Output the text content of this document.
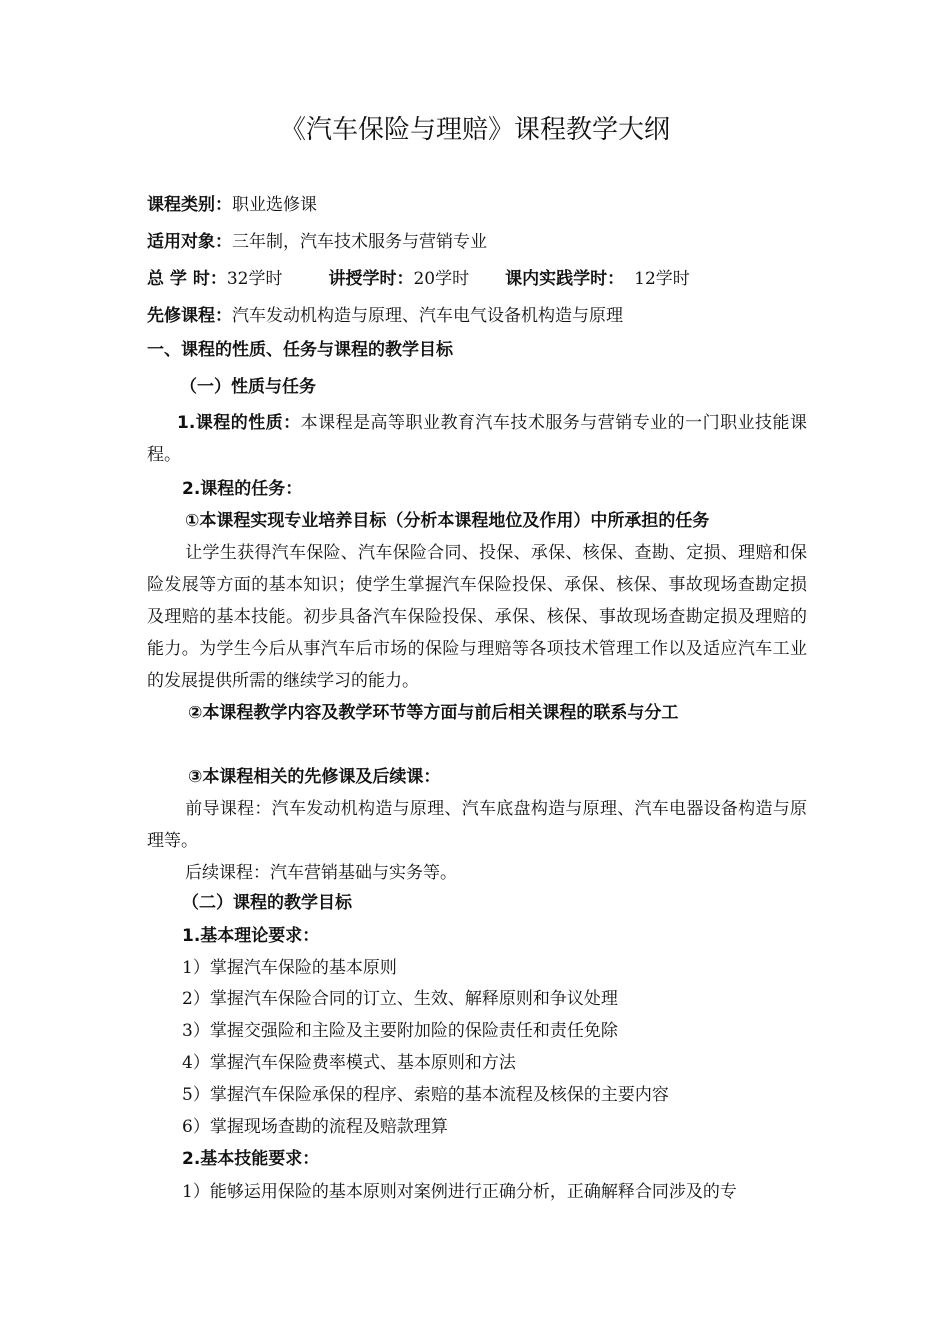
《汽车保险与理赔》课程教学大纲
课程类别：职业选修课
适用对象：三年制，汽车技术服务与营销专业
总 学 时：32学时	讲授学时：20学时 课内实践学时： 12学时
先修课程：汽车发动机构造与原理、汽车电气设备机构造与原理
一、课程的性质、任务与课程的教学目标
（一）性质与任务
1.课程的性质：本课程是高等职业教育汽车技术服务与营销专业的一门职业技能课程。
2.课程的任务：
①本课程实现专业培养目标（分析本课程地位及作用）中所承担的任务
让学生获得汽车保险、汽车保险合同、投保、承保、核保、查勘、定损、理赔和保险发展等方面的基本知识；使学生掌握汽车保险投保、承保、核保、事故现场查勘定损及理赔的基本技能。初步具备汽车保险投保、承保、核保、事故现场查勘定损及理赔的能力。为学生今后从事汽车后市场的保险与理赔等各项技术管理工作以及适应汽车工业的发展提供所需的继续学习的能力。
②本课程教学内容及教学环节等方面与前后相关课程的联系与分工
③本课程相关的先修课及后续课：
前导课程：汽车发动机构造与原理、汽车底盘构造与原理、汽车电器设备构造与原理等。
后续课程：汽车营销基础与实务等。
（二）课程的教学目标
1.基本理论要求：
1）掌握汽车保险的基本原则
2）掌握汽车保险合同的订立、生效、解释原则和争议处理
3）掌握交强险和主险及主要附加险的保险责任和责任免除
4）掌握汽车保险费率模式、基本原则和方法
5）掌握汽车保险承保的程序、索赔的基本流程及核保的主要内容
6）掌握现场查勘的流程及赔款理算
2.基本技能要求：
1）能够运用保险的基本原则对案例进行正确分析，正确解释合同涉及的专
